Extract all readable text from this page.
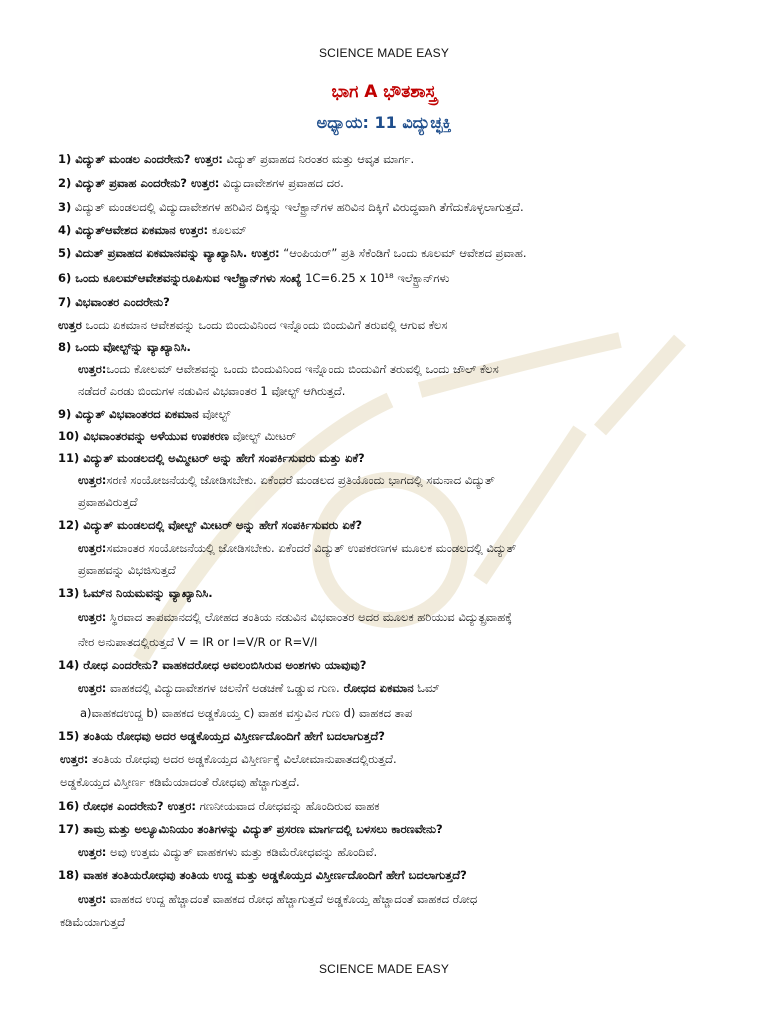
SCIENCE MADE EASY
ಭಾಗ A ಭೌತಶಾಸ್ತ್ರ
ಅಧ್ಯಾಯ: 11 ವಿದ್ಯುಚ್ಛಕ್ತಿ
1) ವಿದ್ಯುತ್ ಮಂಡಲ ಎಂದರೇನು? ಉತ್ತರ: ವಿದ್ಯುತ್ ಪ್ರವಾಹದ ನಿರಂತರ ಮತ್ತು ಆವೃತ ಮಾರ್ಗ.
2) ವಿದ್ಯುತ್ ಪ್ರವಾಹ ಎಂದರೇನು? ಉತ್ತರ: ವಿದ್ಯುದಾವೇಶಗಳ ಪ್ರವಾಹದ ದರ.
3) ವಿದ್ಯುತ್ ಮಂಡಲದಲ್ಲಿ ವಿದ್ಯುದಾವೇಶಗಳ ಹರಿವಿನ ದಿಕ್ಕನ್ನು ಇಲೆಕ್ಟ್ರಾನ್‌ಗಳ ಹರಿವಿನ ದಿಕ್ಕಿಗೆ ವಿರುದ್ಧವಾಗಿ ತೆಗೆದುಕೊಳ್ಳಲಾಗುತ್ತದೆ.
4) ವಿದ್ಯುತ್‌ಆವೇಶದ ಏಕಮಾನ ಉತ್ತರ: ಕೂಲಮ್
5) ವಿದುತ್ ಪ್ರವಾಹದ ಏಕಮಾನವನ್ನು ವ್ಯಾಖ್ಯಾನಿಸಿ. ಉತ್ತರ: “ಆಂಪಿಯರ್” ಪ್ರತಿ ಸೆಕೆಂಡಿಗೆ ಒಂದು ಕೂಲಮ್ ಆವೇಶದ ಪ್ರವಾಹ.
6) ಒಂದು ಕೂಲಮ್‌ಆವೇಶವನ್ನುರೂಪಿಸುವ ಇಲೆಕ್ಟ್ರಾನ್‌ಗಳು ಸಂಖ್ಯೆ 1C=6.25 x 10¹⁸ ಇಲೆಕ್ಟ್ರಾನ್‌ಗಳು
7) ವಿಭವಾಂತರ ಎಂದರೇನು?
ಉತ್ತರ ಒಂದು ಏಕಮಾನ ಆವೇಶವನ್ನು ಒಂದು ಬಿಂದುವಿನಿಂದ ಇನ್ನೊಂದು ಬಿಂದುವಿಗೆ ತರುವಲ್ಲಿ ಆಗುವ ಕೆಲಸ
8) ಒಂದು ವೋಲ್ಟ್‌ನ್ನು ವ್ಯಾಖ್ಯಾನಿಸಿ.
ಉತ್ತರ:ಒಂದು ಕೋಲಮ್ ಆವೇಶವನ್ನು ಒಂದು ಬಿಂದುವಿನಿಂದ ಇನ್ನೊಂದು ಬಿಂದುವಿಗೆ ತರುವಲ್ಲಿ ಒಂದು ಜೌಲ್ ಕೆಲಸ
ನಡೆದರೆ ಎರಡು ಬಿಂದುಗಳ ನಡುವಿನ ವಿಭವಾಂತರ 1 ವೋಲ್ಟ್ ಆಗಿರುತ್ತದೆ.
9) ವಿದ್ಯುತ್ ವಿಭವಾಂತರದ ಏಕಮಾನ ವೋಲ್ಟ್
10) ವಿಭವಾಂತರವನ್ನು ಅಳೆಯುವ ಉಪಕರಣ ವೋಲ್ಟ್ ಮೀಟರ್
11) ವಿದ್ಯುತ್ ಮಂಡಲದಲ್ಲಿ ಅಮ್ಮೀಟರ್ ಅನ್ನು ಹೇಗೆ ಸಂಪರ್ಕಿಸುವರು ಮತ್ತು ಏಕೆ?
ಉತ್ತರ:ಸರಣಿ ಸಂಯೋಜನೆಯಲ್ಲಿ ಜೋಡಿಸಬೇಕು. ಏಕೆಂದರೆ ಮಂಡಲದ ಪ್ರತಿಯೊಂದು ಭಾಗದಲ್ಲಿ ಸಮನಾದ ವಿದ್ಯುತ್
ಪ್ರವಾಹವಿರುತ್ತದೆ
12) ವಿದ್ಯುತ್ ಮಂಡಲದಲ್ಲಿ ವೋಲ್ಟ್ ಮೀಟರ್ ಅನ್ನು ಹೇಗೆ ಸಂಪರ್ಕಿಸುವರು ಏಕೆ?
ಉತ್ತರ:ಸಮಾಂತರ ಸಂಯೋಜನೆಯಲ್ಲಿ ಜೋಡಿಸಬೇಕು. ಏಕೆಂದರೆ ವಿದ್ಯುತ್ ಉಪಕರಣಗಳ ಮೂಲಕ ಮಂಡಲದಲ್ಲಿ ವಿದ್ಯುತ್
ಪ್ರವಾಹವನ್ನು ವಿಭಜಿಸುತ್ತದೆ
13) ಓಮ್‌ನ ನಿಯಮವನ್ನು ವ್ಯಾಖ್ಯಾನಿಸಿ.
ಉತ್ತರ: ಸ್ಥಿರವಾದ ತಾಪಮಾನದಲ್ಲಿ ಲೋಹದ ತಂತಿಯ ನಡುವಿನ ವಿಭವಾಂತರ ಅದರ ಮೂಲಕ ಹರಿಯುವ ವಿದ್ಯುತ್ಪ್ರವಾಹಕ್ಕೆ
ನೇರ ಅನುಪಾತದಲ್ಲಿರುತ್ತದೆ V = IR or I=V/R or R=V/I
14) ರೋಧ ಎಂದರೇನು? ವಾಹಕದರೋಧ ಅವಲಂಬಿಸಿರುವ ಅಂಶಗಳು ಯಾವುವು?
ಉತ್ತರ: ವಾಹಕದಲ್ಲಿ ವಿದ್ಯುದಾವೇಶಗಳ ಚಲನೆಗೆ ಅಡಚಣೆ ಒಡ್ಡುವ ಗುಣ. ರೋಧದ ಏಕಮಾನ ಓಮ್
a)ವಾಹಕದಉದ್ದ b) ವಾಹಕದ ಅಡ್ಡಕೊಯ್ತ c) ವಾಹಕ ವಸ್ತುವಿನ ಗುಣ d) ವಾಹಕದ ತಾಪ
15) ತಂತಿಯ ರೋಧವು ಅದರ ಅಡ್ಡಕೊಯ್ತದ ವಿಸ್ತೀರ್ಣದೊಂದಿಗೆ ಹೇಗೆ ಬದಲಾಗುತ್ತದೆ?
ಉತ್ತರ: ತಂತಿಯ ರೋಧವು ಅದರ ಅಡ್ಡಕೊಯ್ತದ ವಿಸ್ತೀರ್ಣಕ್ಕೆ ವಿಲೋಮಾನುಪಾತದಲ್ಲಿರುತ್ತದೆ.
ಅಡ್ಡಕೊಯ್ತದ ವಿಸ್ತೀರ್ಣ ಕಡಿಮೆಯಾದಂತೆ ರೋಧವು ಹೆಚ್ಚಾಗುತ್ತದೆ.
16) ರೋಧಕ ಎಂದರೇನು? ಉತ್ತರ: ಗಣನೀಯವಾದ ರೋಧವನ್ನು ಹೊಂದಿರುವ ವಾಹಕ
17) ತಾಮ್ರ ಮತ್ತು ಅಲ್ಯೂಮಿನಿಯಂ ತಂತಿಗಳನ್ನು ವಿದ್ಯುತ್ ಪ್ರಸರಣ ಮಾರ್ಗದಲ್ಲಿ ಬಳಸಲು ಕಾರಣವೇನು?
ಉತ್ತರ: ಅವು ಉತ್ತಮ ವಿದ್ಯುತ್ ವಾಹಕಗಳು ಮತ್ತು ಕಡಿಮೆರೋಧವನ್ನು ಹೊಂದಿವೆ.
18) ವಾಹಕ ತಂತಿಯರೋಧವು ತಂತಿಯ ಉದ್ದ ಮತ್ತು ಅಡ್ಡಕೊಯ್ತದ ವಿಸ್ತೀರ್ಣದೊಂದಿಗೆ ಹೇಗೆ ಬದಲಾಗುತ್ತದೆ?
ಉತ್ತರ: ವಾಹಕದ ಉದ್ದ ಹೆಚ್ಚಾದಂತೆ ವಾಹಕದ ರೋಧ ಹೆಚ್ಚಾಗುತ್ತದೆ ಅಡ್ಡಕೊಯ್ತ ಹೆಚ್ಚಾದಂತೆ ವಾಹಕದ ರೋಧ
ಕಡಿಮೆಯಾಗುತ್ತದೆ
SCIENCE MADE EASY
